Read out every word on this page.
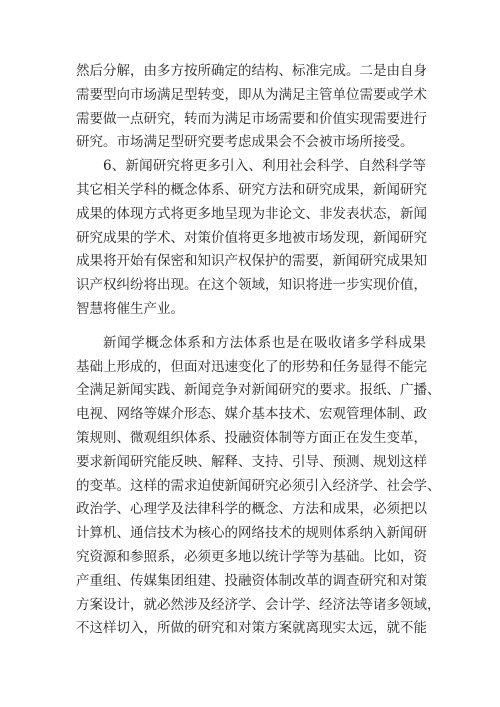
然后分解，由多方按所确定的结构、标准完成。二是由自身
需要型向市场满足型转变，即从为满足主管单位需要或学术
需要做一点研究，转而为满足市场需要和价值实现需要进行
研究。市场满足型研究要考虑成果会不会被市场所接受。
6、新闻研究将更多引入、利用社会科学、自然科学等
其它相关学科的概念体系、研究方法和研究成果，新闻研究
成果的体现方式将更多地呈现为非论文、非发表状态，新闻
研究成果的学术、对策价值将更多地被市场发现，新闻研究
成果将开始有保密和知识产权保护的需要，新闻研究成果知
识产权纠纷将出现。在这个领域，知识将进一步实现价值，
智慧将催生产业。
新闻学概念体系和方法体系也是在吸收诸多学科成果
基础上形成的，但面对迅速变化了的形势和任务显得不能完
全满足新闻实践、新闻竞争对新闻研究的要求。报纸、广播、
电视、网络等媒介形态、媒介基本技术、宏观管理体制、政
策规则、微观组织体系、投融资体制等方面正在发生变革，
要求新闻研究能反映、解释、支持、引导、预测、规划这样
的变革。这样的需求迫使新闻研究必须引入经济学、社会学、
政治学、心理学及法律科学的概念、方法和成果，必须把以
计算机、通信技术为核心的网络技术的规则体系纳入新闻研
究资源和参照系，必须更多地以统计学等为基础。比如，资
产重组、传媒集团组建、投融资体制改革的调查研究和对策
方案设计，就必然涉及经济学、会计学、经济法等诸多领域，
不这样切入，所做的研究和对策方案就离现实太远，就不能
